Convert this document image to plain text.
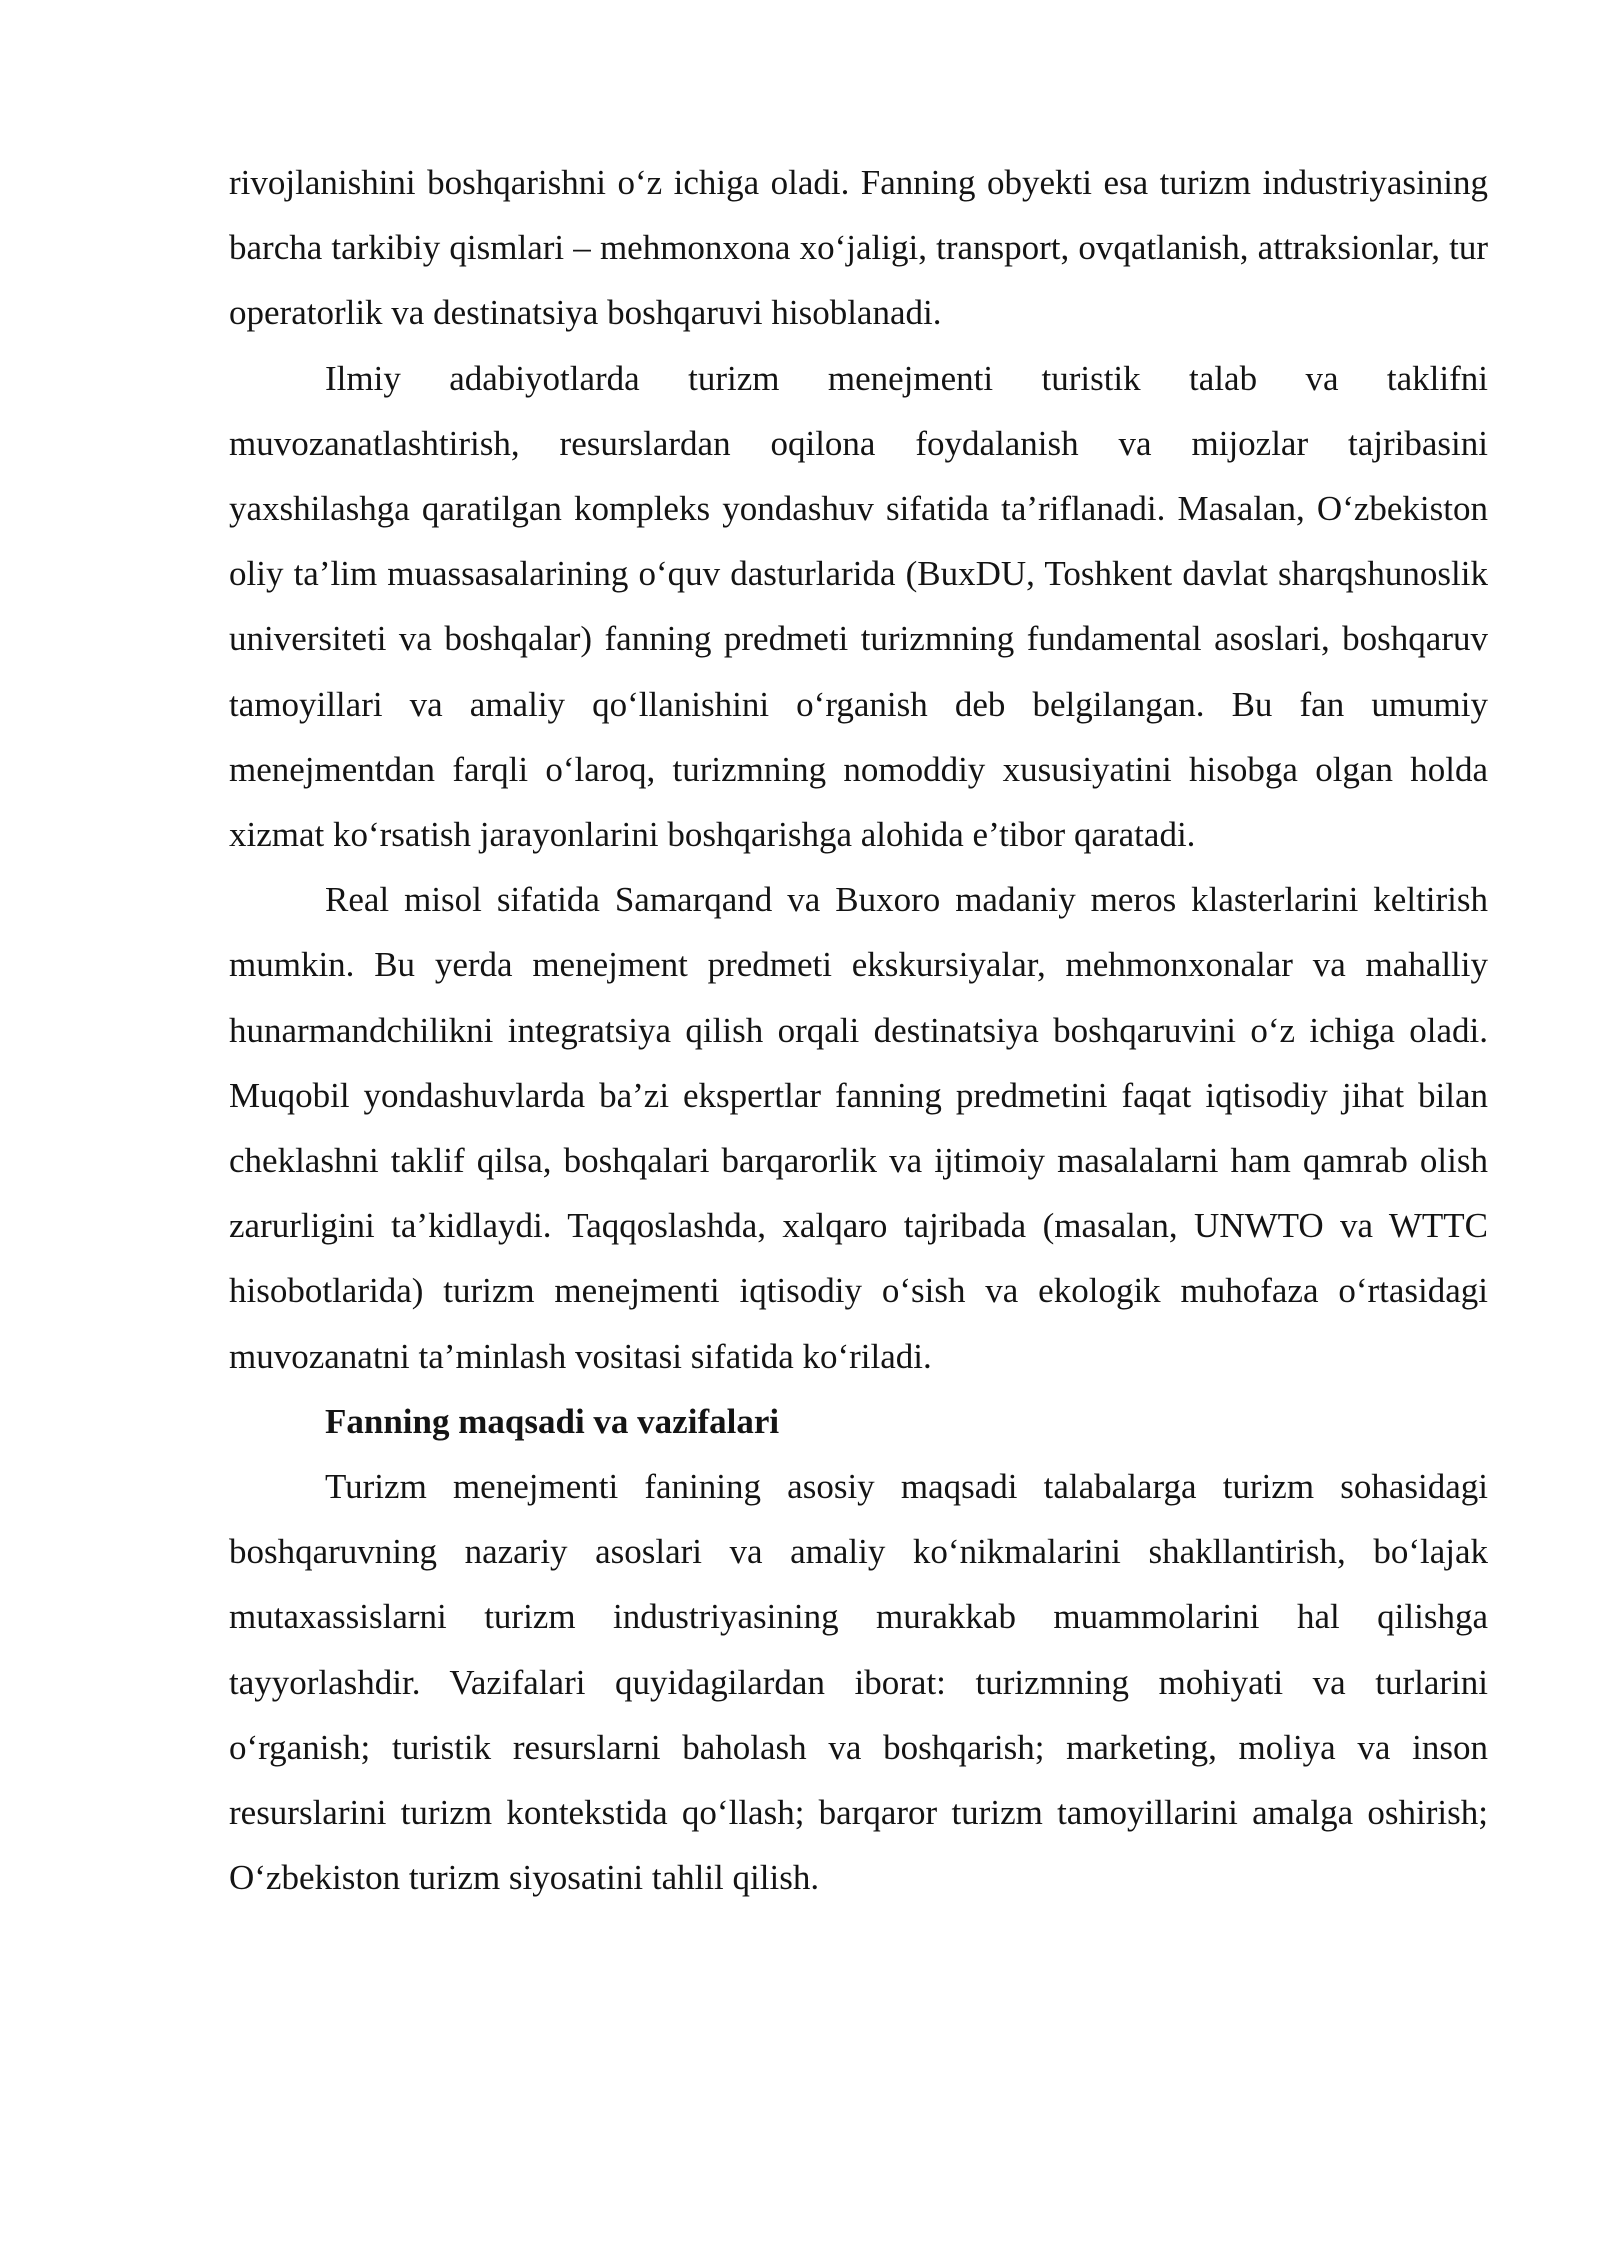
rivojlanishini boshqarishni o‘z ichiga oladi. Fanning obyekti esa turizm industriyasining barcha tarkibiy qismlari – mehmonxona xo‘jaligi, transport, ovqatlanish, attraksionlar, tur operatorlik va destinatsiya boshqaruvi hisoblanadi.

Ilmiy adabiyotlarda turizm menejmenti turistik talab va taklifni muvozanatlashtirish, resurslardan oqilona foydalanish va mijozlar tajribasini yaxshilashga qaratilgan kompleks yondashuv sifatida ta’riflanadi. Masalan, O‘zbekiston oliy ta’lim muassasalarining o‘quv dasturlarida (BuxDU, Toshkent davlat sharqshunoslik universiteti va boshqalar) fanning predmeti turizmning fundamental asoslari, boshqaruv tamoyillari va amaliy qo‘llanishini o‘rganish deb belgilangan. Bu fan umumiy menejmentdan farqli o‘laroq, turizmning nomoddiy xususiyatini hisobga olgan holda xizmat ko‘rsatish jarayonlarini boshqarishga alohida e’tibor qaratadi.

Real misol sifatida Samarqand va Buxoro madaniy meros klasterlarini keltirish mumkin. Bu yerda menejment predmeti ekskursiyalar, mehmonxonalar va mahalliy hunarmandchilikni integratsiya qilish orqali destinatsiya boshqaruvini o‘z ichiga oladi. Muqobil yondashuvlarda ba’zi ekspertlar fanning predmetini faqat iqtisodiy jihat bilan cheklashni taklif qilsa, boshqalari barqarorlik va ijtimoiy masalalarni ham qamrab olish zarurligini ta’kidlaydi. Taqqoslashda, xalqaro tajribada (masalan, UNWTO va WTTC hisobotlarida) turizm menejmenti iqtisodiy o‘sish va ekologik muhofaza o‘rtasidagi muvozanatni ta’minlash vositasi sifatida ko‘riladi.

Fanning maqsadi va vazifalari

Turizm menejmenti fanining asosiy maqsadi talabalarga turizm sohasidagi boshqaruvning nazariy asoslari va amaliy ko‘nikmalarini shakllantirish, bo‘lajak mutaxassislarni turizm industriyasining murakkab muammolarini hal qilishga tayyorlashdir. Vazifalari quyidagilardan iborat: turizmning mohiyati va turlarini o‘rganish; turistik resurslarni baholash va boshqarish; marketing, moliya va inson resurslarini turizm kontekstida qo‘llash; barqaror turizm tamoyillarini amalga oshirish; O‘zbekiston turizm siyosatini tahlil qilish.
